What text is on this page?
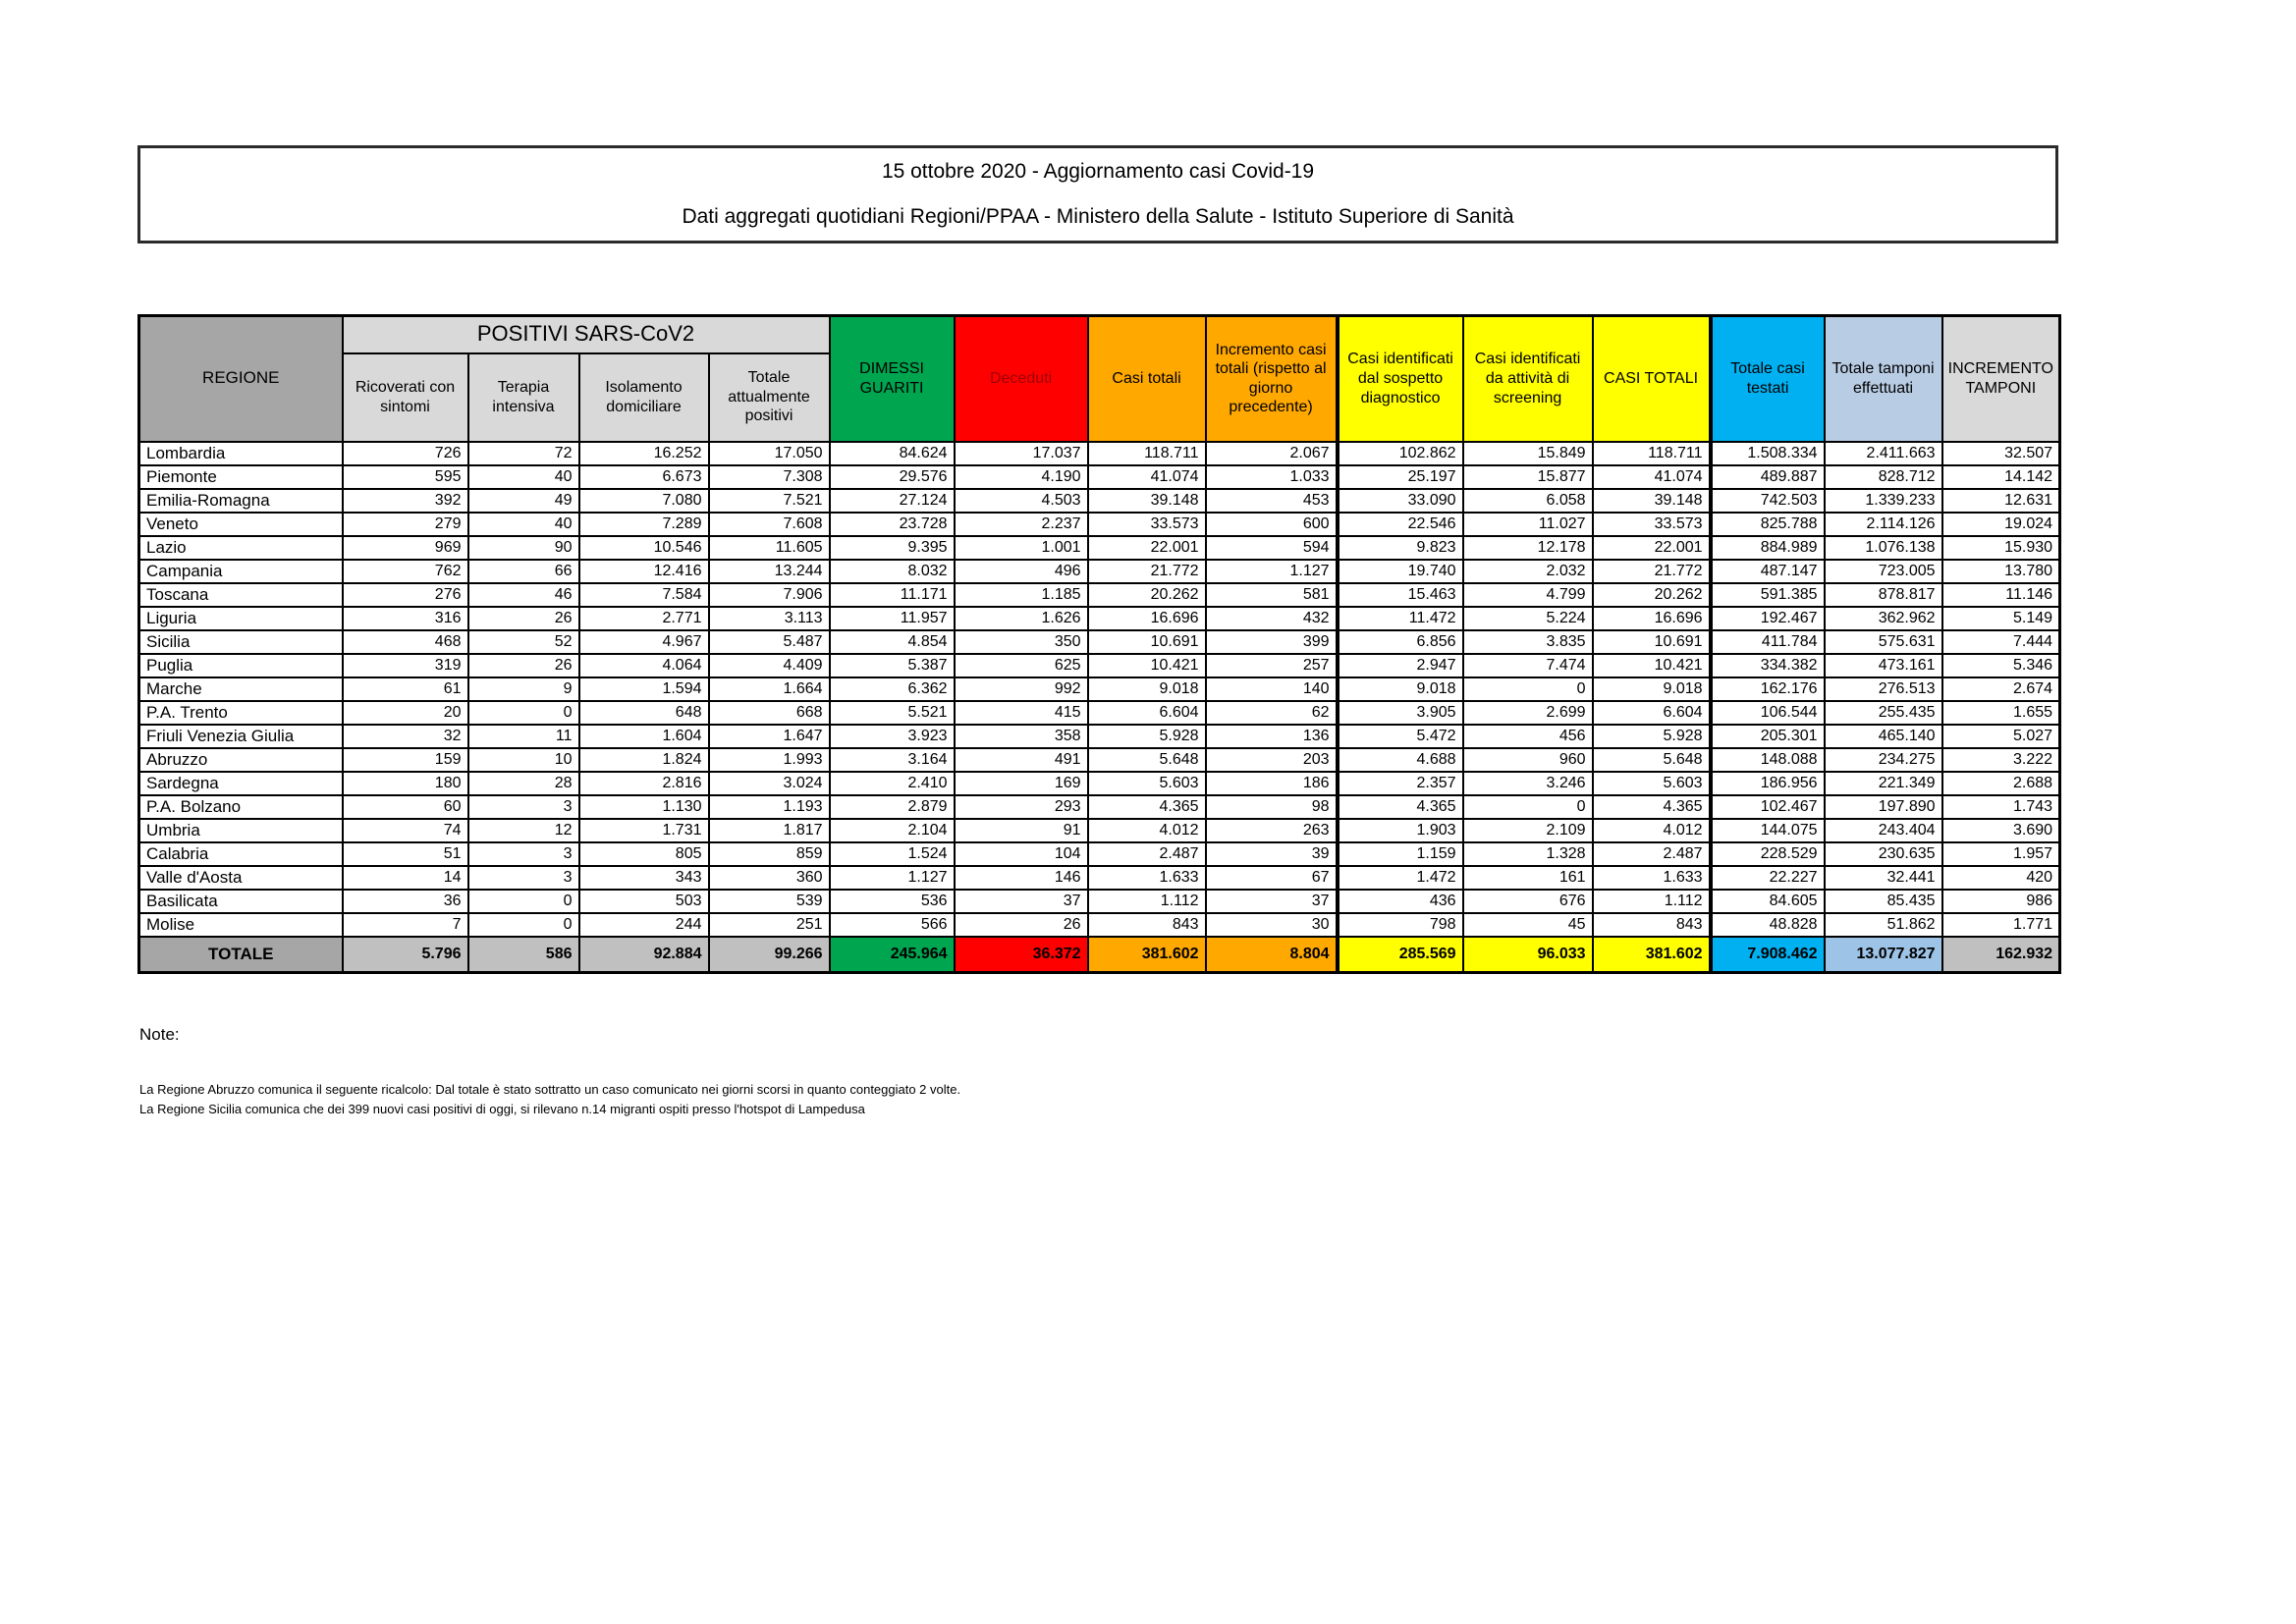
15 ottobre 2020 - Aggiornamento casi Covid-19
Dati aggregati quotidiani Regioni/PPAA - Ministero della Salute - Istituto Superiore di Sanità
REGIONE	POSITIVI SARS-CoV2				DIMESSI GUARITI	Deceduti	Casi totali	Incremento casi totali (rispetto al giorno precedente)	Casi identificati dal sospetto diagnostico	Casi identificati da attività di screening	CASI TOTALI	Totale casi testati	Totale tamponi effettuati	INCREMENTO TAMPONI
	Ricoverati con sintomi	Terapia intensiva	Isolamento domiciliare	Totale attualmente positivi										
Lombardia	726	72	16.252	17.050	84.624	17.037	118.711	2.067	102.862	15.849	118.711	1.508.334	2.411.663	32.507
Piemonte	595	40	6.673	7.308	29.576	4.190	41.074	1.033	25.197	15.877	41.074	489.887	828.712	14.142
Emilia-Romagna	392	49	7.080	7.521	27.124	4.503	39.148	453	33.090	6.058	39.148	742.503	1.339.233	12.631
Veneto	279	40	7.289	7.608	23.728	2.237	33.573	600	22.546	11.027	33.573	825.788	2.114.126	19.024
Lazio	969	90	10.546	11.605	9.395	1.001	22.001	594	9.823	12.178	22.001	884.989	1.076.138	15.930
Campania	762	66	12.416	13.244	8.032	496	21.772	1.127	19.740	2.032	21.772	487.147	723.005	13.780
Toscana	276	46	7.584	7.906	11.171	1.185	20.262	581	15.463	4.799	20.262	591.385	878.817	11.146
Liguria	316	26	2.771	3.113	11.957	1.626	16.696	432	11.472	5.224	16.696	192.467	362.962	5.149
Sicilia	468	52	4.967	5.487	4.854	350	10.691	399	6.856	3.835	10.691	411.784	575.631	7.444
Puglia	319	26	4.064	4.409	5.387	625	10.421	257	2.947	7.474	10.421	334.382	473.161	5.346
Marche	61	9	1.594	1.664	6.362	992	9.018	140	9.018	0	9.018	162.176	276.513	2.674
P.A. Trento	20	0	648	668	5.521	415	6.604	62	3.905	2.699	6.604	106.544	255.435	1.655
Friuli Venezia Giulia	32	11	1.604	1.647	3.923	358	5.928	136	5.472	456	5.928	205.301	465.140	5.027
Abruzzo	159	10	1.824	1.993	3.164	491	5.648	203	4.688	960	5.648	148.088	234.275	3.222
Sardegna	180	28	2.816	3.024	2.410	169	5.603	186	2.357	3.246	5.603	186.956	221.349	2.688
P.A. Bolzano	60	3	1.130	1.193	2.879	293	4.365	98	4.365	0	4.365	102.467	197.890	1.743
Umbria	74	12	1.731	1.817	2.104	91	4.012	263	1.903	2.109	4.012	144.075	243.404	3.690
Calabria	51	3	805	859	1.524	104	2.487	39	1.159	1.328	2.487	228.529	230.635	1.957
Valle d'Aosta	14	3	343	360	1.127	146	1.633	67	1.472	161	1.633	22.227	32.441	420
Basilicata	36	0	503	539	536	37	1.112	37	436	676	1.112	84.605	85.435	986
Molise	7	0	244	251	566	26	843	30	798	45	843	48.828	51.862	1.771
TOTALE	5.796	586	92.884	99.266	245.964	36.372	381.602	8.804	285.569	96.033	381.602	7.908.462	13.077.827	162.932
Note:
La Regione Abruzzo comunica il seguente ricalcolo: Dal totale è stato sottratto un caso comunicato nei giorni scorsi in quanto conteggiato 2 volte.
La Regione Sicilia comunica che dei 399 nuovi casi positivi di oggi, si rilevano n.14 migranti ospiti presso l'hotspot di Lampedusa
